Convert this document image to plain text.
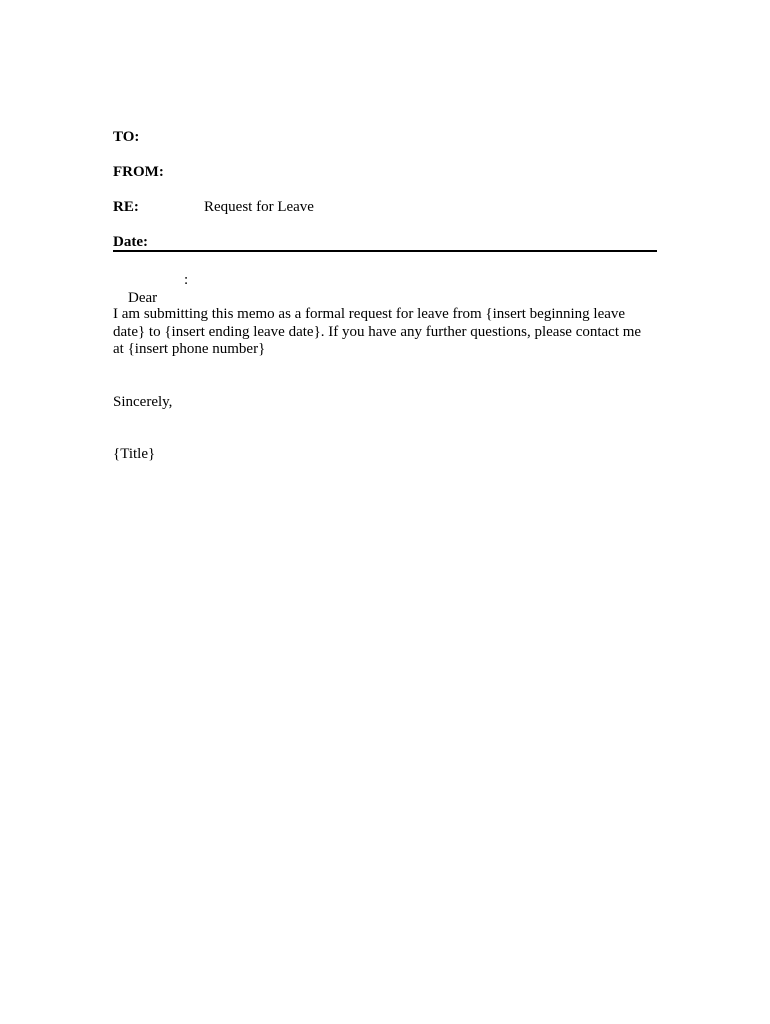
TO:
FROM:
RE:	Request for Leave
Date:

Dear

:

I am submitting this memo as a formal request for leave from {insert beginning leave
date} to {insert ending leave date}. If you have any further questions, please contact me
at {insert phone number}
Sincerely,
{Title}
